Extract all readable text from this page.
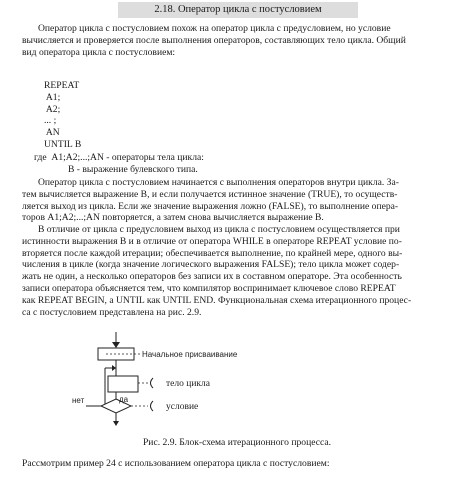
2.18. Оператор цикла с постусловием

Оператор цикла с постусловием похож на оператор цикла с предусловием, но условие
вычисляется и проверяется после выполнения операторов, составляющих тело цикла. Общий
вид оператора цикла с постусловием:

REPEAT
A1;
A2;
... ;
AN
UNTIL B
где  A1;A2;...;AN - операторы тела цикла:
B - выражение булевского типа.

Оператор цикла с постусловием начинается с выполнения операторов внутри цикла. За-
тем вычисляется выражение B, и если получается истинное значение (TRUE), то осуществ-
ляется выход из цикла. Если же значение выражения ложно (FALSE), то выполнение опера-
торов A1;A2;...;AN повторяется, а затем снова вычисляется выражение B.

В отличие от цикла с предусловием выход из цикла с постусловием осуществляется при
истинности выражения B и в отличие от оператора WHILE в операторе REPEAT условие по-
вторяется после каждой итерации; обеспечивается выполнение, по крайней мере, одного вы-
числения в цикле (когда значение логического выражения FALSE); тело цикла может содер-
жать не один, а несколько операторов без записи их в составном операторе. Эта особенность
записи оператора объясняется тем, что компилятор воспринимает ключевое слово REPEAT
как REPEAT BEGIN, а UNTIL как UNTIL END. Функциональная схема итерационного процес-
са с постусловием представлена на рис. 2.9.

Начальное присваивание
тело цикла
условие
нет	да
Рис. 2.9. Блок-схема итерационного процесса.
Рассмотрим пример 24 с использованием оператора цикла с постусловием:
